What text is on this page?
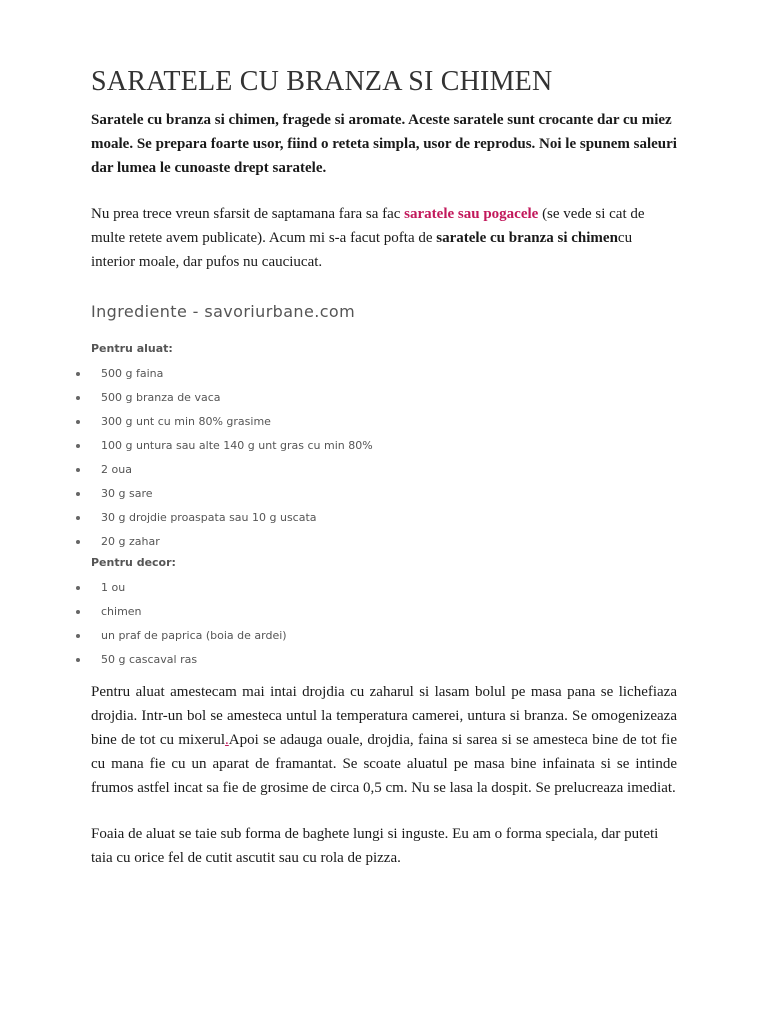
SARATELE CU BRANZA SI CHIMEN

Saratele cu branza si chimen, fragede si aromate. Aceste saratele sunt crocante dar cu miez moale. Se prepara foarte usor, fiind o reteta simpla, usor de reprodus. Noi le spunem saleuri dar lumea le cunoaste drept saratele.

Nu prea trece vreun sfarsit de saptamana fara sa fac saratele sau pogacele (se vede si cat de multe retete avem publicate). Acum mi s-a facut pofta de saratele cu branza si chimencu interior moale, dar pufos nu cauciucat.

Ingrediente - savoriurbane.com
Pentru aluat:
500 g faina
500 g branza de vaca
300 g unt cu min 80% grasime
100 g untura sau alte 140 g unt gras cu min 80%
2 oua
30 g sare
30 g drojdie proaspata sau 10 g uscata
20 g zahar
Pentru decor:
1 ou
chimen
un praf de paprica (boia de ardei)
50 g cascaval ras

Pentru aluat amestecam mai intai drojdia cu zaharul si lasam bolul pe masa pana se lichefiaza drojdia. Intr-un bol se amesteca untul la temperatura camerei, untura si branza. Se omogenizeaza bine de tot cu mixerul.Apoi se adauga ouale, drojdia, faina si sarea si se amesteca bine de tot fie cu mana fie cu un aparat de framantat. Se scoate aluatul pe masa bine infainata si se intinde frumos astfel incat sa fie de grosime de circa 0,5 cm. Nu se lasa la dospit. Se prelucreaza imediat.

Foaia de aluat se taie sub forma de baghete lungi si inguste. Eu am o forma speciala, dar puteti taia cu orice fel de cutit ascutit sau cu rola de pizza.
